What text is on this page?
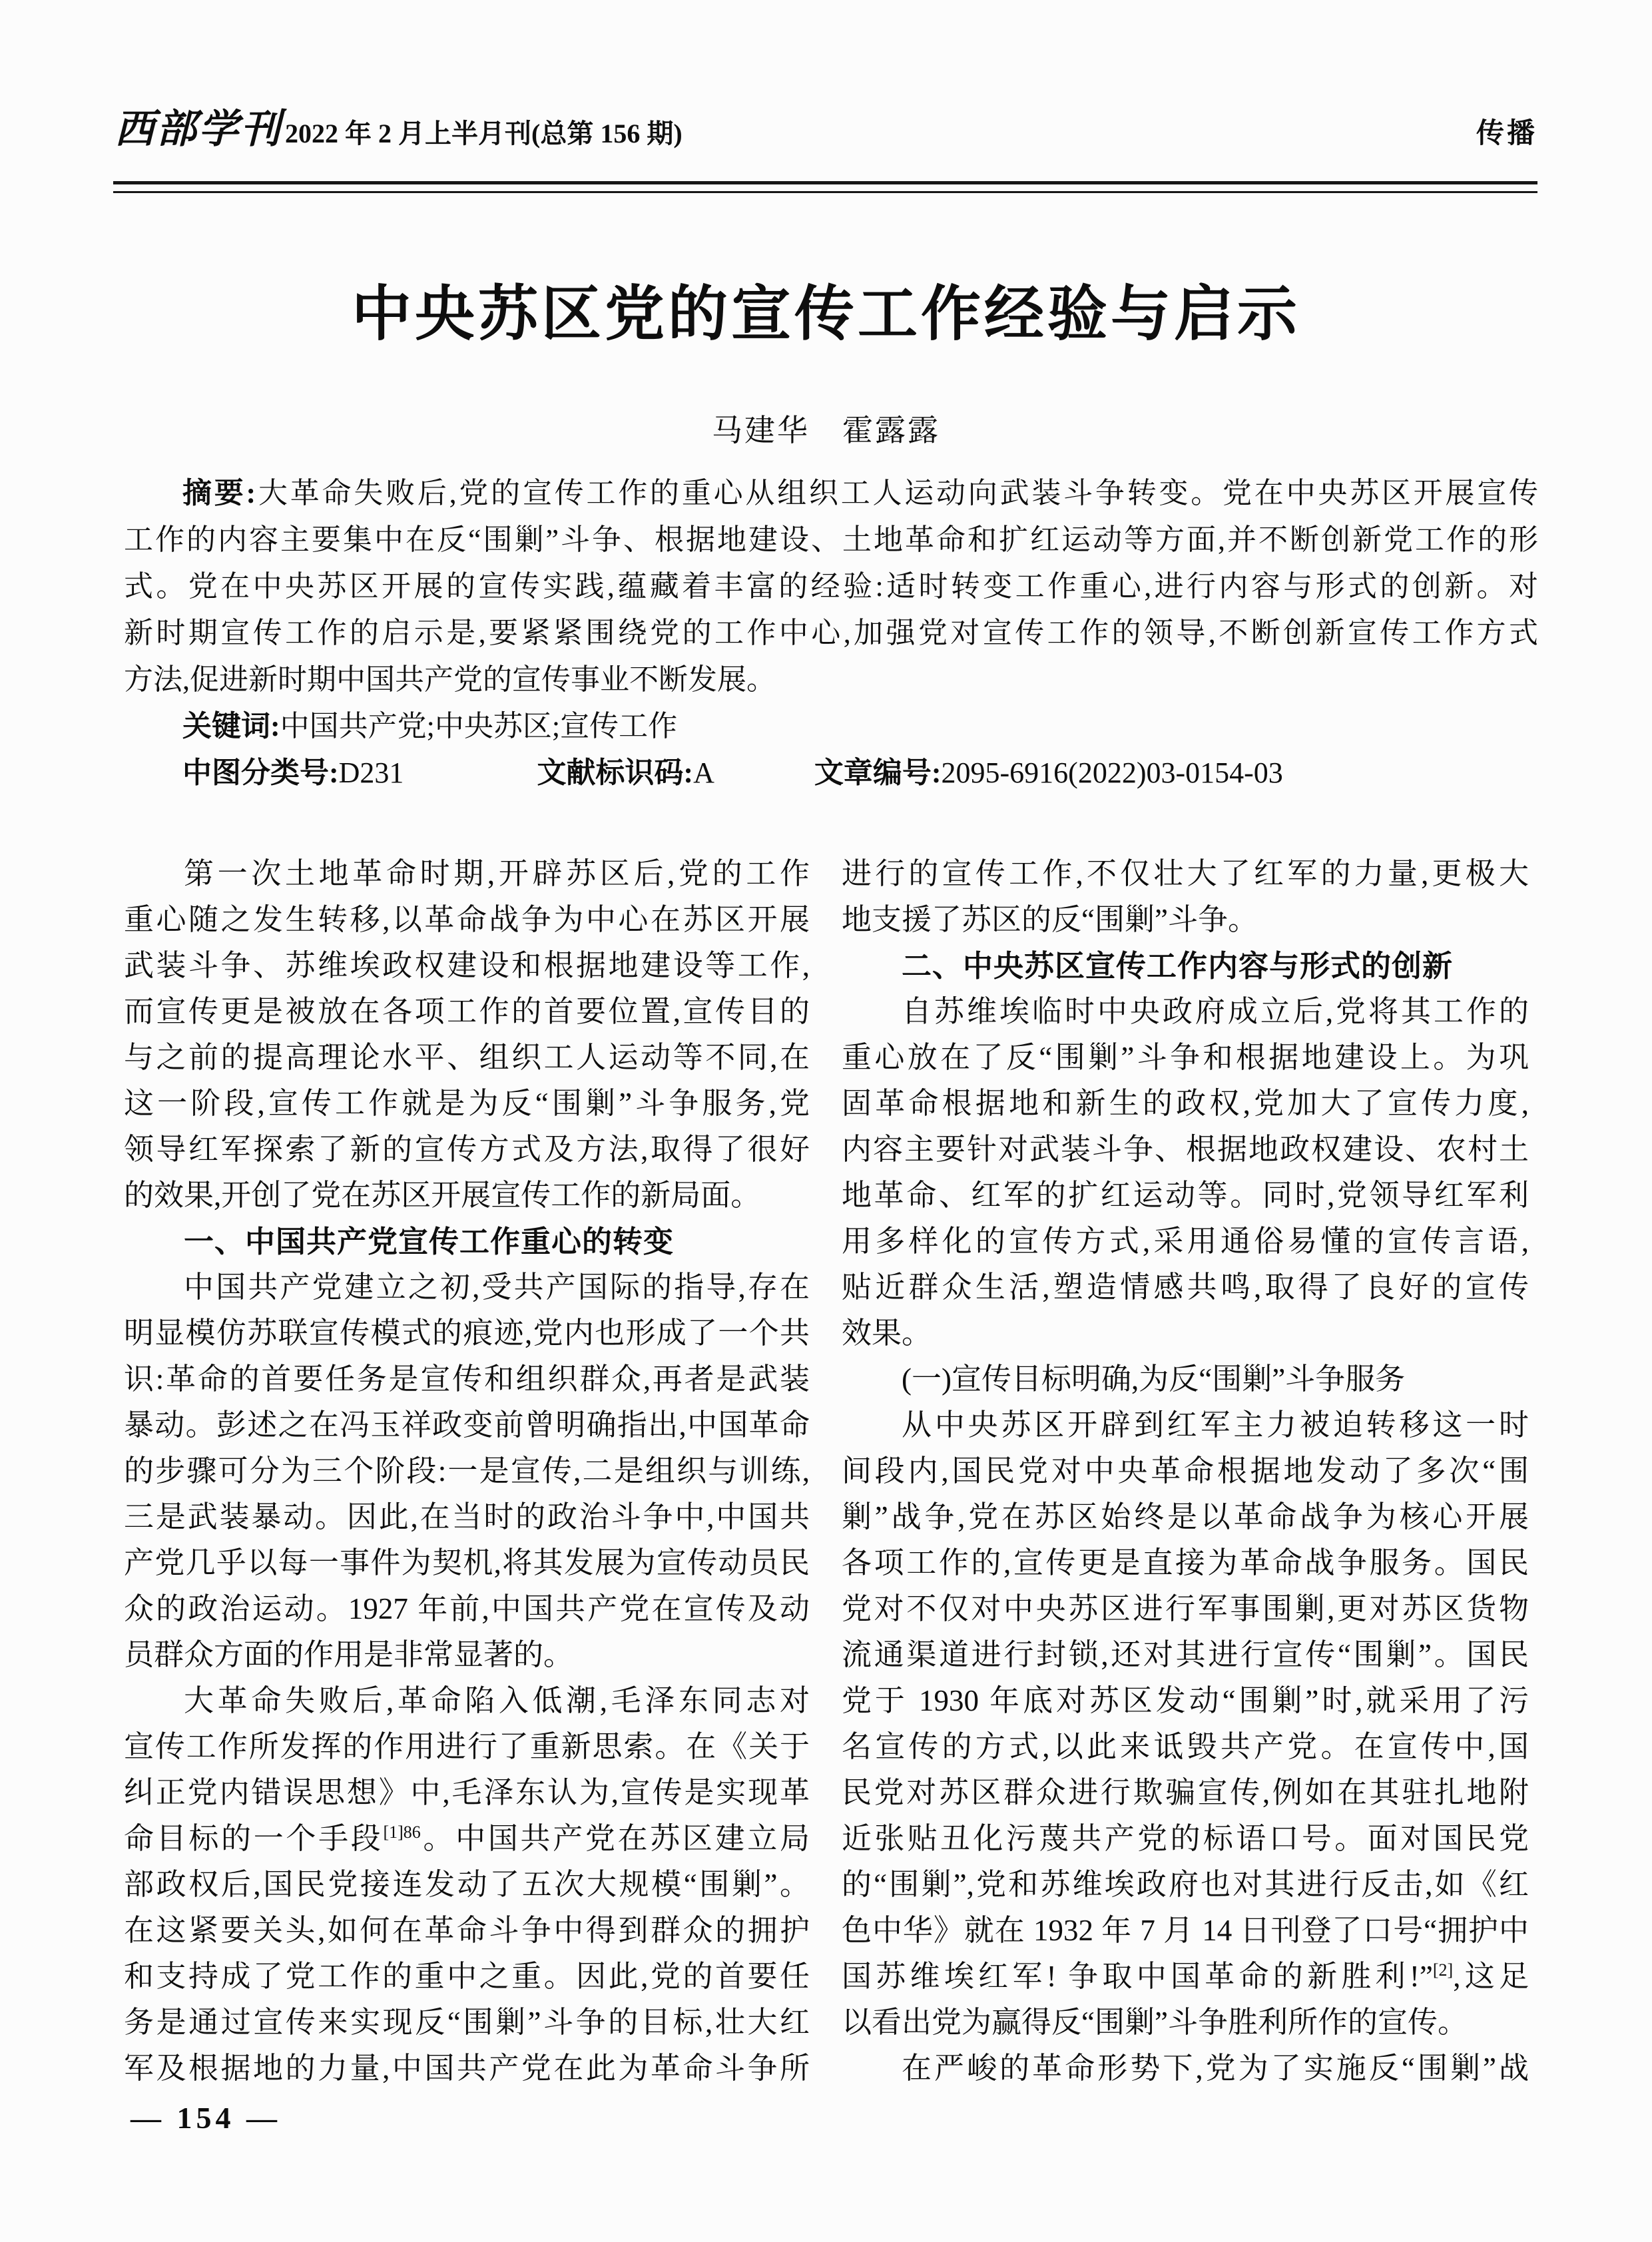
西部学刊 2022 年 2 月上半月刊(总第 156 期)	传播
中央苏区党的宣传工作经验与启示
马建华　霍露露
摘要:大革命失败后,党的宣传工作的重心从组织工人运动向武装斗争转变。党在中央苏区开展宣传
工作的内容主要集中在反“围剿”斗争、根据地建设、土地革命和扩红运动等方面,并不断创新党工作的形
式。党在中央苏区开展的宣传实践,蕴藏着丰富的经验:适时转变工作重心,进行内容与形式的创新。对
新时期宣传工作的启示是,要紧紧围绕党的工作中心,加强党对宣传工作的领导,不断创新宣传工作方式
方法,促进新时期中国共产党的宣传事业不断发展。
关键词:中国共产党;中央苏区;宣传工作
中图分类号:D231	文献标识码:A	文章编号:2095-6916(2022)03-0154-03
第一次土地革命时期,开辟苏区后,党的工作
重心随之发生转移,以革命战争为中心在苏区开展
武装斗争、苏维埃政权建设和根据地建设等工作,
而宣传更是被放在各项工作的首要位置,宣传目的
与之前的提高理论水平、组织工人运动等不同,在
这一阶段,宣传工作就是为反“围剿”斗争服务,党
领导红军探索了新的宣传方式及方法,取得了很好
的效果,开创了党在苏区开展宣传工作的新局面。
一、中国共产党宣传工作重心的转变
中国共产党建立之初,受共产国际的指导,存在
明显模仿苏联宣传模式的痕迹,党内也形成了一个共
识:革命的首要任务是宣传和组织群众,再者是武装
暴动。彭述之在冯玉祥政变前曾明确指出,中国革命
的步骤可分为三个阶段:一是宣传,二是组织与训练,
三是武装暴动。因此,在当时的政治斗争中,中国共
产党几乎以每一事件为契机,将其发展为宣传动员民
众的政治运动。1927 年前,中国共产党在宣传及动
员群众方面的作用是非常显著的。
大革命失败后,革命陷入低潮,毛泽东同志对
宣传工作所发挥的作用进行了重新思索。在《关于
纠正党内错误思想》中,毛泽东认为,宣传是实现革
命目标的一个手段$^{[1]86}$。中国共产党在苏区建立局
部政权后,国民党接连发动了五次大规模“围剿”。
在这紧要关头,如何在革命斗争中得到群众的拥护
和支持成了党工作的重中之重。因此,党的首要任
务是通过宣传来实现反“围剿”斗争的目标,壮大红
军及根据地的力量,中国共产党在此为革命斗争所
进行的宣传工作,不仅壮大了红军的力量,更极大
地支援了苏区的反“围剿”斗争。
二、中央苏区宣传工作内容与形式的创新
自苏维埃临时中央政府成立后,党将其工作的
重心放在了反“围剿”斗争和根据地建设上。为巩
固革命根据地和新生的政权,党加大了宣传力度,
内容主要针对武装斗争、根据地政权建设、农村土
地革命、红军的扩红运动等。同时,党领导红军利
用多样化的宣传方式,采用通俗易懂的宣传言语,
贴近群众生活,塑造情感共鸣,取得了良好的宣传
效果。
(一)宣传目标明确,为反“围剿”斗争服务
从中央苏区开辟到红军主力被迫转移这一时
间段内,国民党对中央革命根据地发动了多次“围
剿”战争,党在苏区始终是以革命战争为核心开展
各项工作的,宣传更是直接为革命战争服务。国民
党对不仅对中央苏区进行军事围剿,更对苏区货物
流通渠道进行封锁,还对其进行宣传“围剿”。国民
党于 1930 年底对苏区发动“围剿”时,就采用了污
名宣传的方式,以此来诋毁共产党。在宣传中,国
民党对苏区群众进行欺骗宣传,例如在其驻扎地附
近张贴丑化污蔑共产党的标语口号。面对国民党
的“围剿”,党和苏维埃政府也对其进行反击,如《红
色中华》就在 1932 年 7 月 14 日刊登了口号“拥护中
国苏维埃红军! 争取中国革命的新胜利!”[2],这足
以看出党为赢得反“围剿”斗争胜利所作的宣传。
在严峻的革命形势下,党为了实施反“围剿”战
— 154 —
